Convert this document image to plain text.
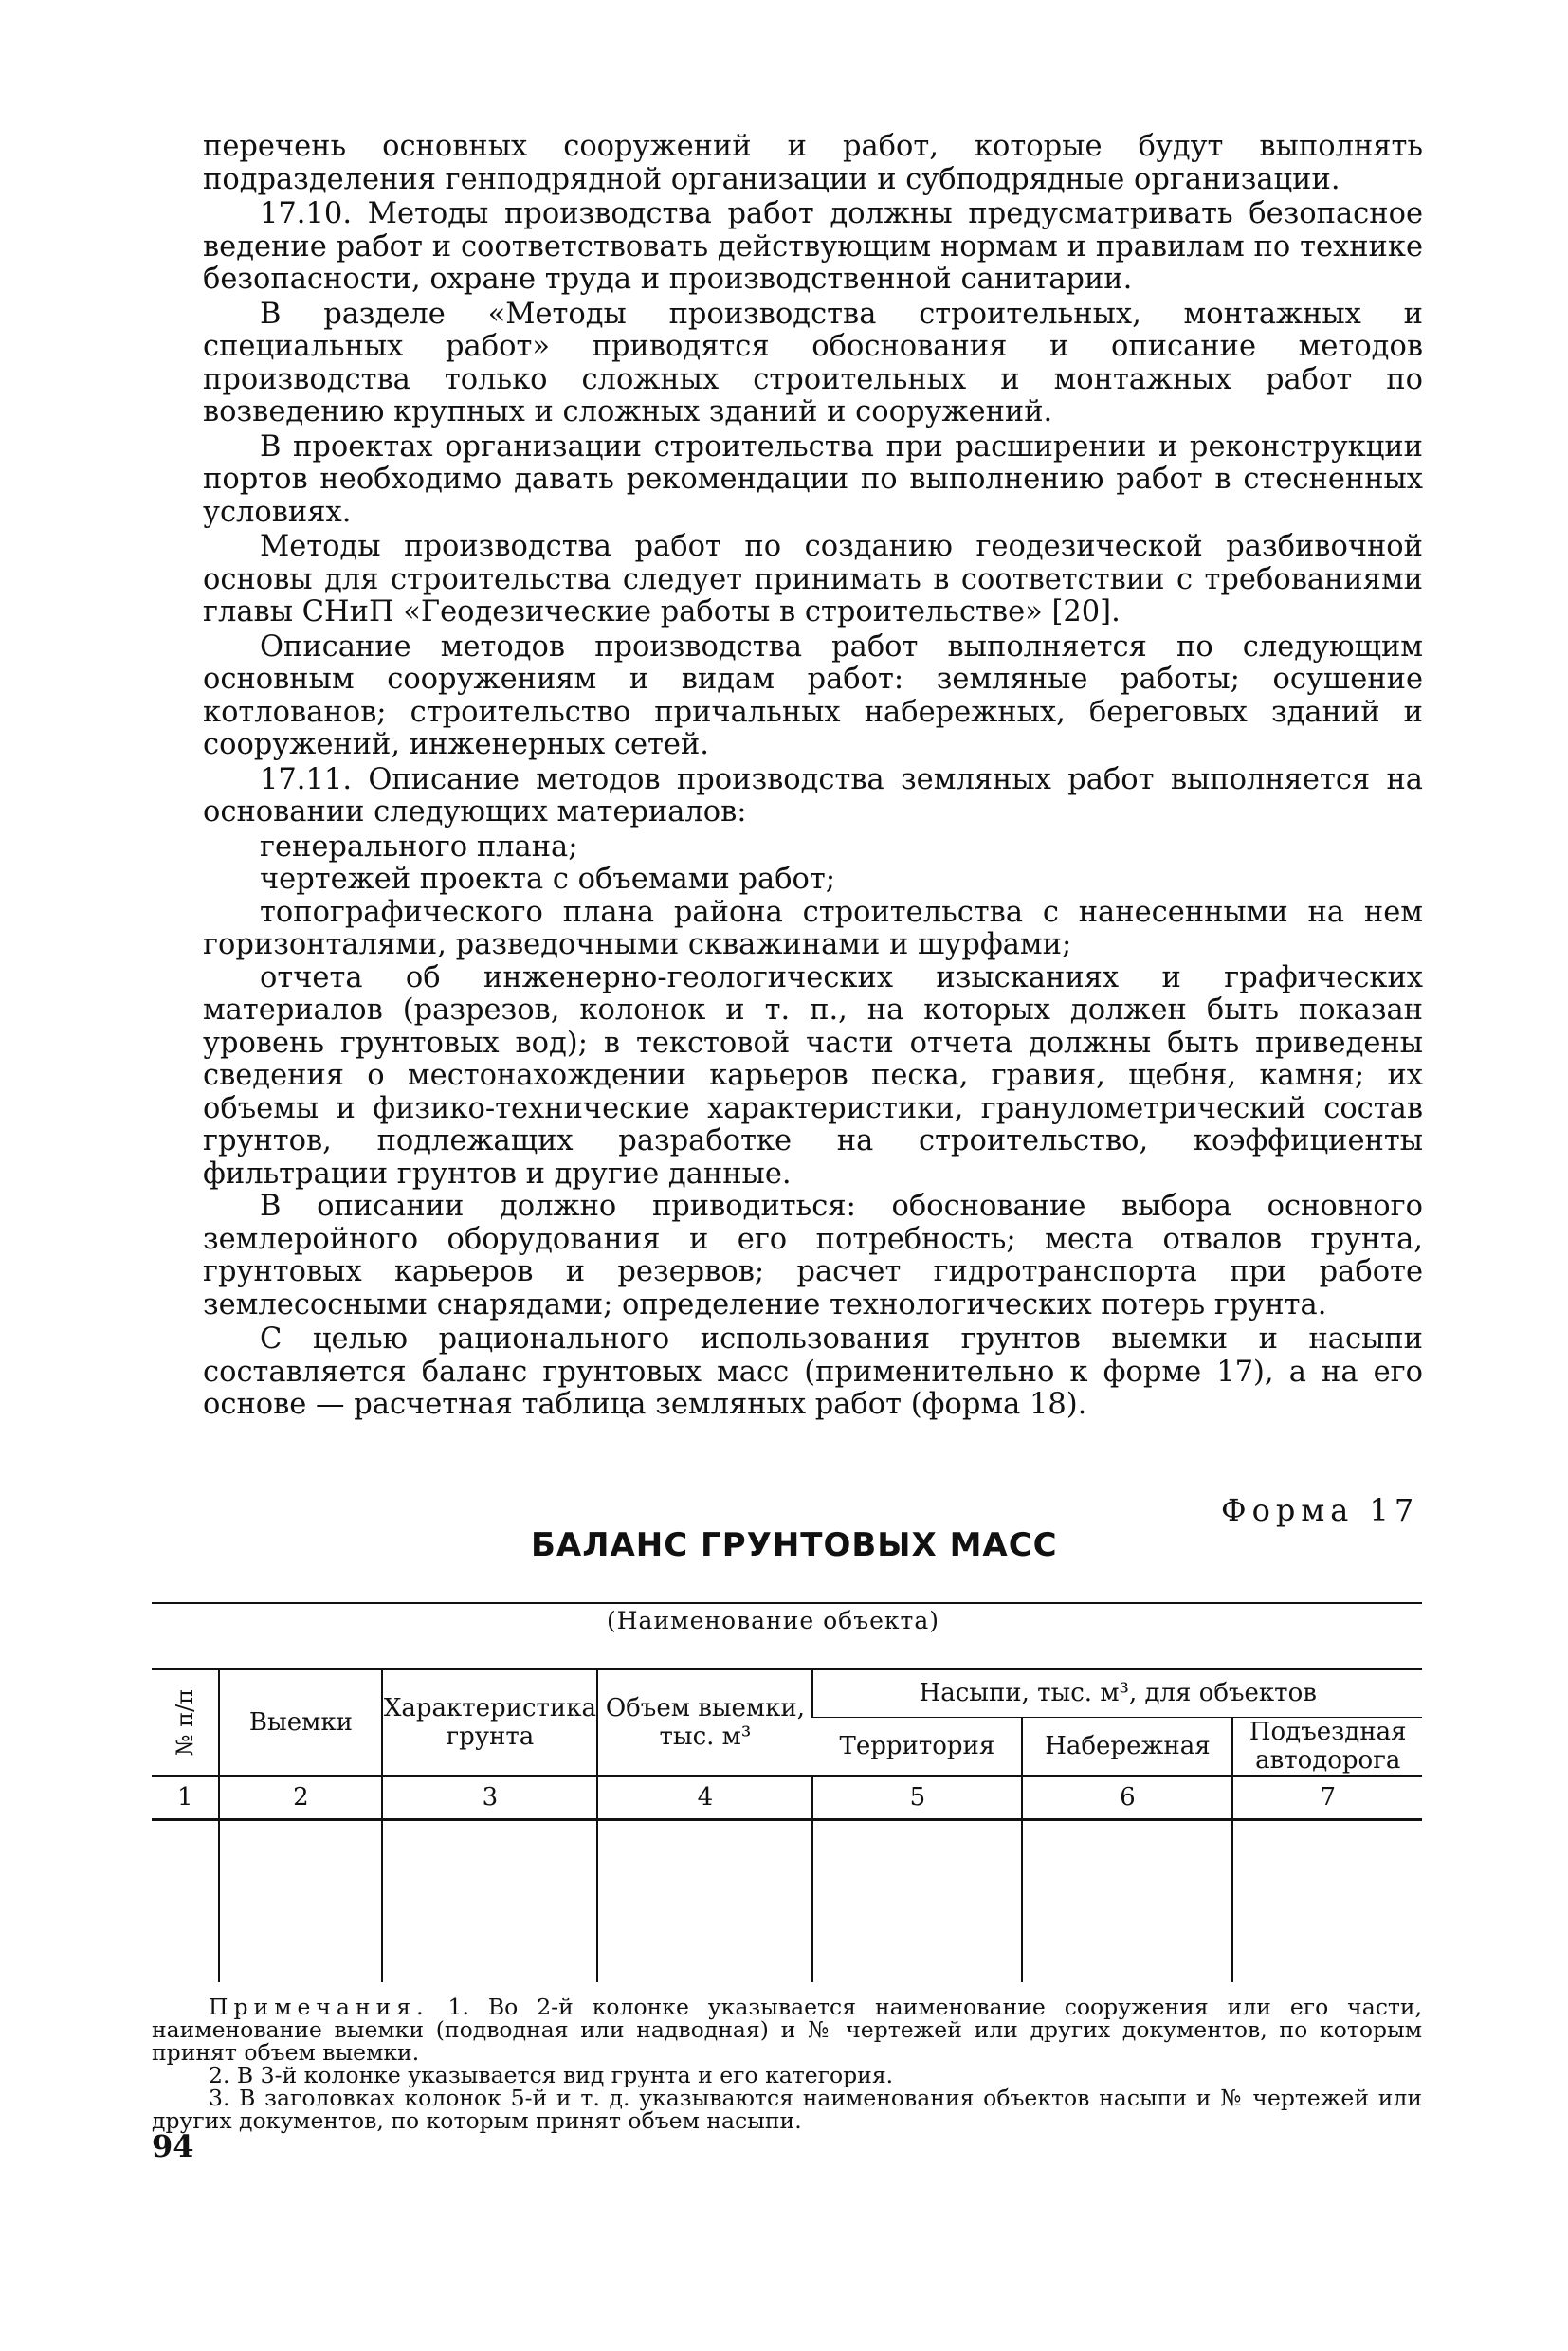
перечень основных сооружений и работ, которые будут выполнять подразделения генподрядной организации и субподрядные организации.

17.10. Методы производства работ должны предусматривать безопасное ведение работ и соответствовать действующим нормам и правилам по технике безопасности, охране труда и производственной санитарии.

В разделе «Методы производства строительных, монтажных и специальных работ» приводятся обоснования и описание методов производства только сложных строительных и монтажных работ по возведению крупных и сложных зданий и сооружений.

В проектах организации строительства при расширении и реконструкции портов необходимо давать рекомендации по выполнению работ в стесненных условиях.

Методы производства работ по созданию геодезической разбивочной основы для строительства следует принимать в соответствии с требованиями главы СНиП «Геодезические работы в строительстве» [20].

Описание методов производства работ выполняется по следующим основным сооружениям и видам работ: земляные работы; осушение котлованов; строительство причальных набережных, береговых зданий и сооружений, инженерных сетей.

17.11. Описание методов производства земляных работ выполняется на основании следующих материалов:

генерального плана;

чертежей проекта с объемами работ;

топографического плана района строительства с нанесенными на нем горизонталями, разведочными скважинами и шурфами;

отчета об инженерно-геологических изысканиях и графических материалов (разрезов, колонок и т. п., на которых должен быть показан уровень грунтовых вод); в текстовой части отчета должны быть приведены сведения о местонахождении карьеров песка, гравия, щебня, камня; их объемы и физико-технические характеристики, гранулометрический состав грунтов, подлежащих разработке на строительство, коэффициенты фильтрации грунтов и другие данные.

В описании должно приводиться: обоснование выбора основного землеройного оборудования и его потребность; места отвалов грунта, грунтовых карьеров и резервов; расчет гидротранспорта при работе землесосными снарядами; определение технологических потерь грунта.

С целью рационального использования грунтов выемки и насыпи составляется баланс грунтовых масс (применительно к форме 17), а на его основе — расчетная таблица земляных работ (форма 18).

Форма 17
БАЛАНС ГРУНТОВЫХ МАСС
(Наименование объекта)
№ п/п	Выемки	Характеристика грунта	Объем выемки, тыс. м³	Насыпи, тыс. м³, для объектов		
				Территория	Набережная	Подъездная автодорога
1	2	3	4	5	6	7

Примечания. 1. Во 2-й колонке указывается наименование сооружения или его части, наименование выемки (подводная или надводная) и № чертежей или других документов, по которым принят объем выемки.

2. В 3-й колонке указывается вид грунта и его категория.

3. В заголовках колонок 5-й и т. д. указываются наименования объектов насыпи и № чертежей или других документов, по которым принят объем насыпи.

94
